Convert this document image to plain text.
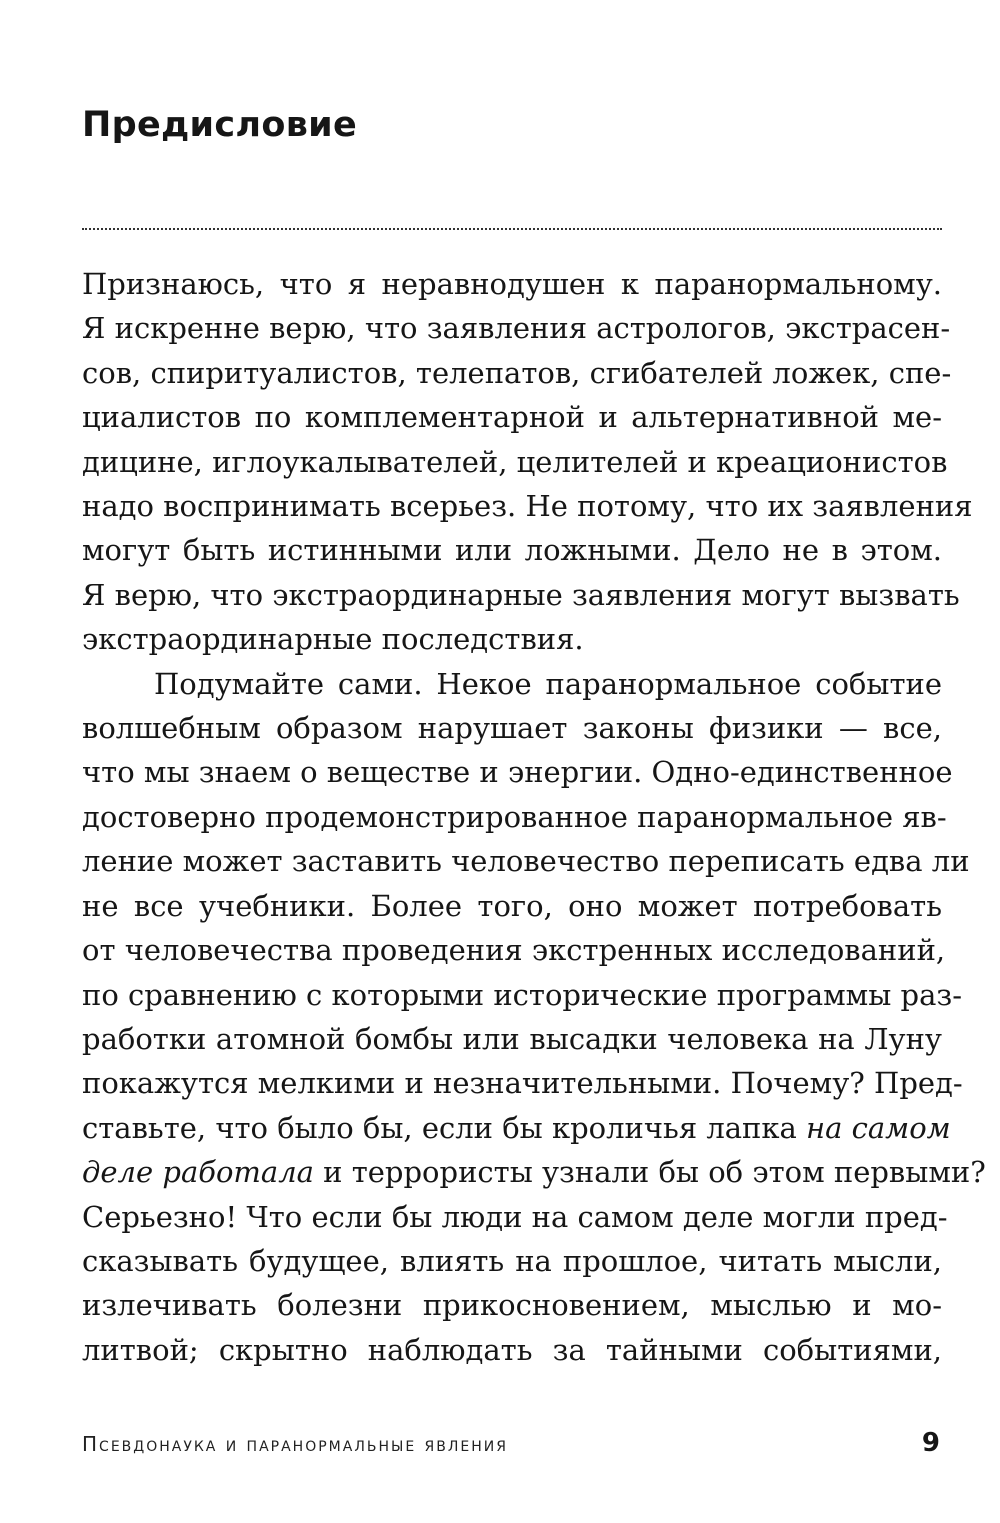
Предисловие

Признаюсь, что я неравнодушен к паранормальному.
Я искренне верю, что заявления астрологов, экстрасен-
сов, спиритуалистов, телепатов, сгибателей ложек, спе-
циалистов по комплементарной и альтернативной ме-
дицине, иглоукалывателей, целителей и креационистов
надо воспринимать всерьез. Не потому, что их заявления
могут быть истинными или ложными. Дело не в этом.
Я верю, что экстраординарные заявления могут вызвать
экстраординарные последствия.

Подумайте сами. Некое паранормальное событие
волшебным образом нарушает законы физики — все,
что мы знаем о веществе и энергии. Одно-единственное
достоверно продемонстрированное паранормальное яв-
ление может заставить человечество переписать едва ли
не все учебники. Более того, оно может потребовать
от человечества проведения экстренных исследований,
по сравнению с которыми исторические программы раз-
работки атомной бомбы или высадки человека на Луну
покажутся мелкими и незначительными. Почему? Пред-
ставьте, что было бы, если бы кроличья лапка на самом
деле работала и террористы узнали бы об этом первыми?
Серьезно! Что если бы люди на самом деле могли пред-
сказывать будущее, влиять на прошлое, читать мысли,
излечивать болезни прикосновением, мыслью и мо-
литвой; скрытно наблюдать за тайными событиями,

Псевдонаука и паранормальные явления	9
